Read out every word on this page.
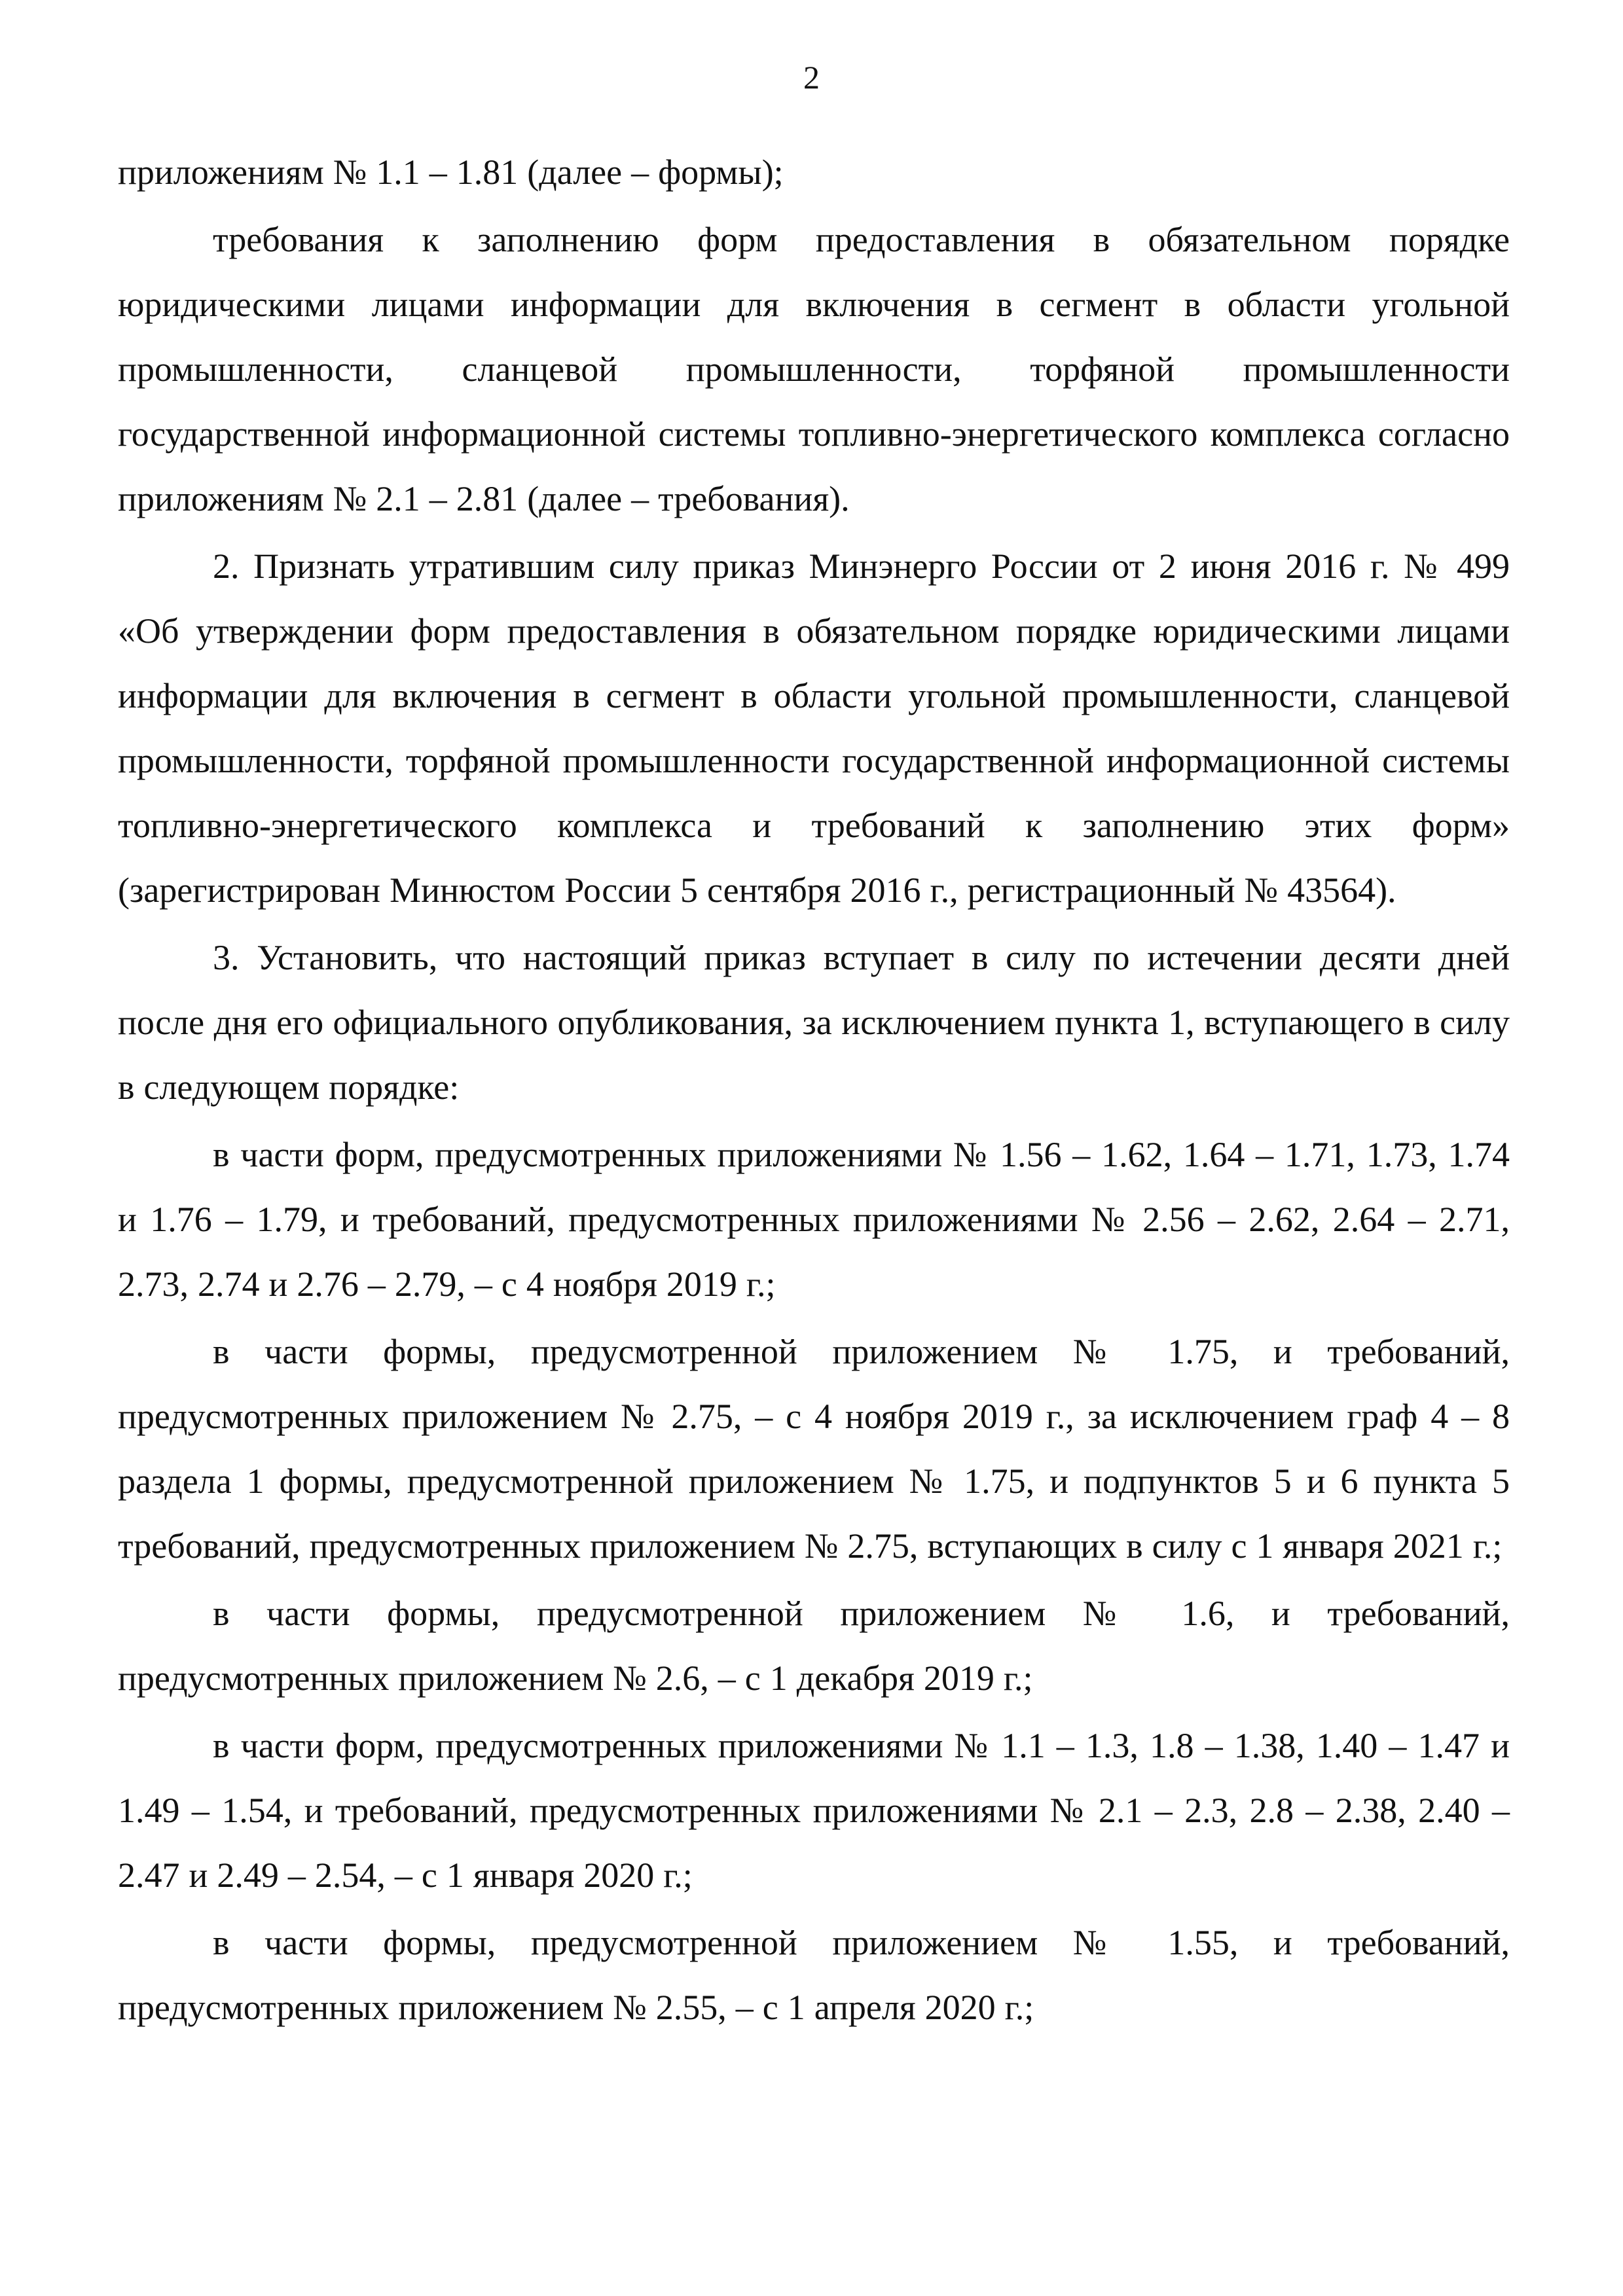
2

приложениям № 1.1 – 1.81 (далее – формы);

требования к заполнению форм предоставления в обязательном порядке юридическими лицами информации для включения в сегмент в области угольной промышленности, сланцевой промышленности, торфяной промышленности государственной информационной системы топливно-энергетического комплекса согласно приложениям № 2.1 – 2.81 (далее – требования).

2. Признать утратившим силу приказ Минэнерго России от 2 июня 2016 г. № 499 «Об утверждении форм предоставления в обязательном порядке юридическими лицами информации для включения в сегмент в области угольной промышленности, сланцевой промышленности, торфяной промышленности государственной информационной системы топливно-энергетического комплекса и требований к заполнению этих форм» (зарегистрирован Минюстом России 5 сентября 2016 г., регистрационный № 43564).

3. Установить, что настоящий приказ вступает в силу по истечении десяти дней после дня его официального опубликования, за исключением пункта 1, вступающего в силу в следующем порядке:

в части форм, предусмотренных приложениями № 1.56 – 1.62, 1.64 – 1.71, 1.73, 1.74 и 1.76 – 1.79, и требований, предусмотренных приложениями № 2.56 – 2.62, 2.64 – 2.71, 2.73, 2.74 и 2.76 – 2.79, – с 4 ноября 2019 г.;

в части формы, предусмотренной приложением № 1.75, и требований, предусмотренных приложением № 2.75, – с 4 ноября 2019 г., за исключением граф 4 – 8 раздела 1 формы, предусмотренной приложением № 1.75, и подпунктов 5 и 6 пункта 5 требований, предусмотренных приложением № 2.75, вступающих в силу с 1 января 2021 г.;

в части формы, предусмотренной приложением № 1.6, и требований, предусмотренных приложением № 2.6, – с 1 декабря 2019 г.;

в части форм, предусмотренных приложениями № 1.1 – 1.3, 1.8 – 1.38, 1.40 – 1.47 и 1.49 – 1.54, и требований, предусмотренных приложениями № 2.1 – 2.3, 2.8 – 2.38, 2.40 – 2.47 и 2.49 – 2.54, – с 1 января 2020 г.;

в части формы, предусмотренной приложением № 1.55, и требований, предусмотренных приложением № 2.55, – с 1 апреля 2020 г.;
